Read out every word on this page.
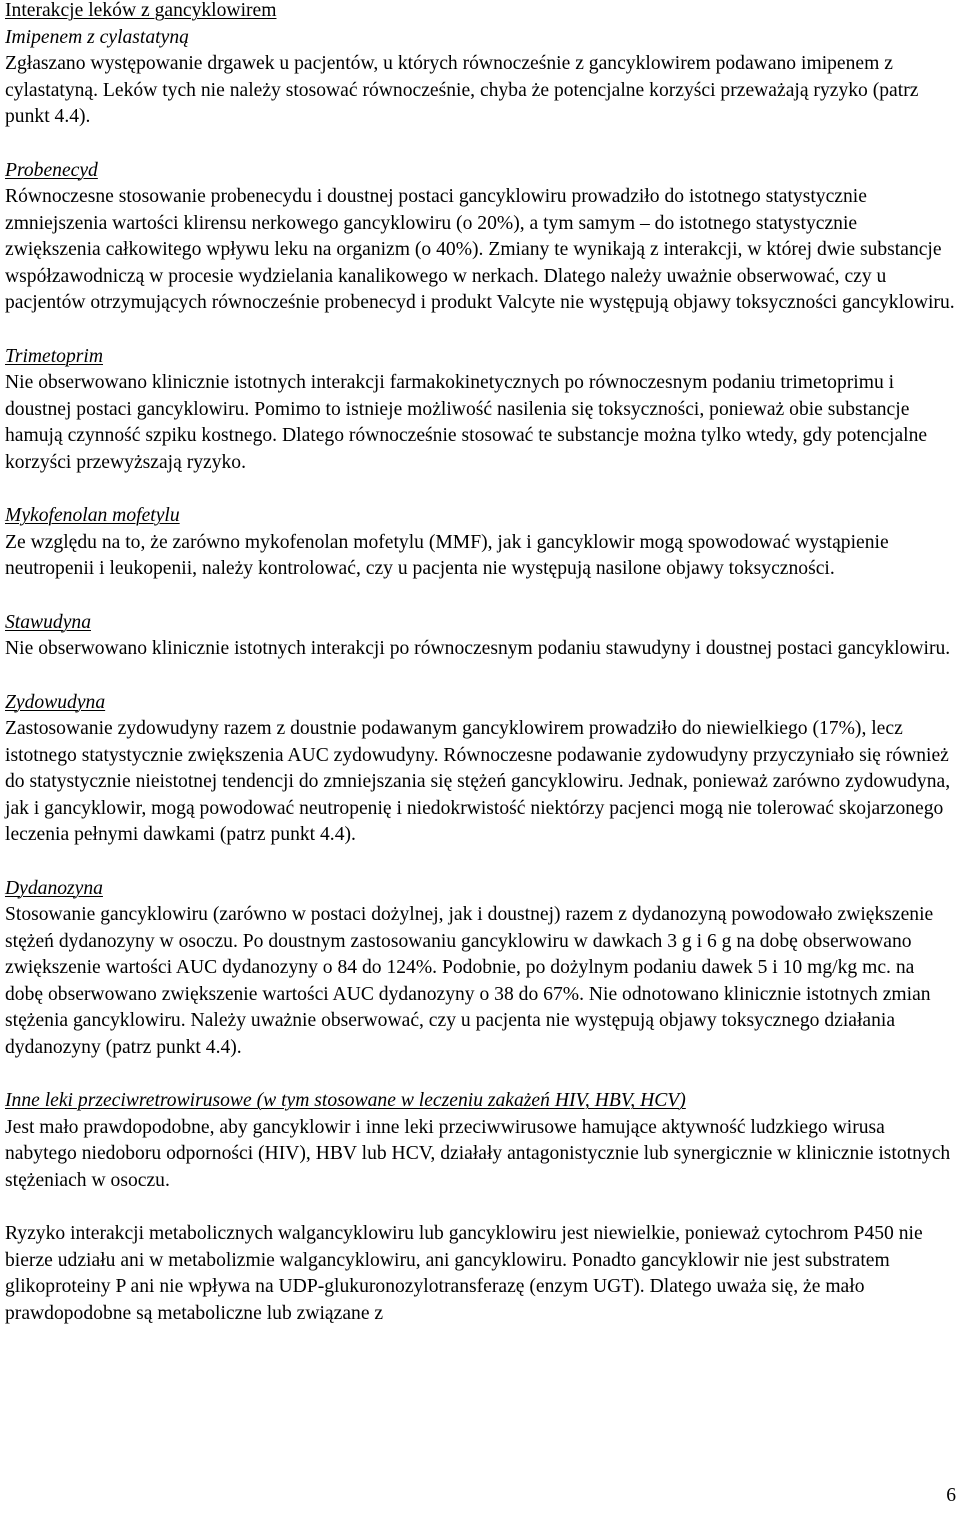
Interakcje leków z gancyklowirem

Imipenem z cylastatyną

Zgłaszano występowanie drgawek u pacjentów, u których równocześnie z gancyklowirem podawano imipenem z cylastatyną. Leków tych nie należy stosować równocześnie, chyba że potencjalne korzyści przeważają ryzyko (patrz punkt 4.4).

Probenecyd

Równoczesne stosowanie probenecydu i doustnej postaci gancyklowiru prowadziło do istotnego statystycznie zmniejszenia wartości klirensu nerkowego gancyklowiru (o 20%), a tym samym – do istotnego statystycznie zwiększenia całkowitego wpływu leku na organizm (o 40%). Zmiany te wynikają z interakcji, w której dwie substancje współzawodniczą w procesie wydzielania kanalikowego w nerkach. Dlatego należy uważnie obserwować, czy u pacjentów otrzymujących równocześnie probenecyd i produkt Valcyte nie występują objawy toksyczności gancyklowiru.

Trimetoprim

Nie obserwowano klinicznie istotnych interakcji farmakokinetycznych po równoczesnym podaniu trimetoprimu i doustnej postaci gancyklowiru. Pomimo to istnieje możliwość nasilenia się toksyczności, ponieważ obie substancje hamują czynność szpiku kostnego. Dlatego równocześnie stosować te substancje można tylko wtedy, gdy potencjalne korzyści przewyższają ryzyko.

Mykofenolan mofetylu

Ze względu na to, że zarówno mykofenolan mofetylu (MMF), jak i gancyklowir mogą spowodować wystąpienie neutropenii i leukopenii, należy kontrolować, czy u pacjenta nie występują nasilone objawy toksyczności.

Stawudyna

Nie obserwowano klinicznie istotnych interakcji po równoczesnym podaniu stawudyny i doustnej postaci gancyklowiru.

Zydowudyna

Zastosowanie zydowudyny razem z doustnie podawanym gancyklowirem prowadziło do niewielkiego (17%), lecz istotnego statystycznie zwiększenia AUC zydowudyny. Równoczesne podawanie zydowudyny przyczyniało się również do statystycznie nieistotnej tendencji do zmniejszania się stężeń gancyklowiru. Jednak, ponieważ zarówno zydowudyna, jak i gancyklowir, mogą powodować neutropenię i niedokrwistość niektórzy pacjenci mogą nie tolerować skojarzonego leczenia pełnymi dawkami (patrz punkt 4.4).

Dydanozyna

Stosowanie gancyklowiru (zarówno w postaci dożylnej, jak i doustnej) razem z dydanozyną powodowało zwiększenie stężeń dydanozyny w osoczu. Po doustnym zastosowaniu gancyklowiru w dawkach 3 g i 6 g na dobę obserwowano zwiększenie wartości AUC dydanozyny o 84 do 124%. Podobnie, po dożylnym podaniu dawek 5 i 10 mg/kg mc. na dobę obserwowano zwiększenie wartości AUC dydanozyny o 38 do 67%. Nie odnotowano klinicznie istotnych zmian stężenia gancyklowiru. Należy uważnie obserwować, czy u pacjenta nie występują objawy toksycznego działania dydanozyny (patrz punkt 4.4).

Inne leki przeciwretrowirusowe (w tym stosowane w leczeniu zakażeń HIV, HBV, HCV)

Jest mało prawdopodobne, aby gancyklowir i inne leki przeciwwirusowe hamujące aktywność ludzkiego wirusa nabytego niedoboru odporności (HIV), HBV lub HCV, działały antagonistycznie lub synergicznie w klinicznie istotnych stężeniach w osoczu.

Ryzyko interakcji metabolicznych walgancyklowiru lub gancyklowiru jest niewielkie, ponieważ cytochrom P450 nie bierze udziału ani w metabolizmie walgancyklowiru, ani gancyklowiru. Ponadto gancyklowir nie jest substratem glikoproteiny P ani nie wpływa na UDP-glukuronozylotransferazę (enzym UGT). Dlatego uważa się, że mało prawdopodobne są metaboliczne lub związane z

6
